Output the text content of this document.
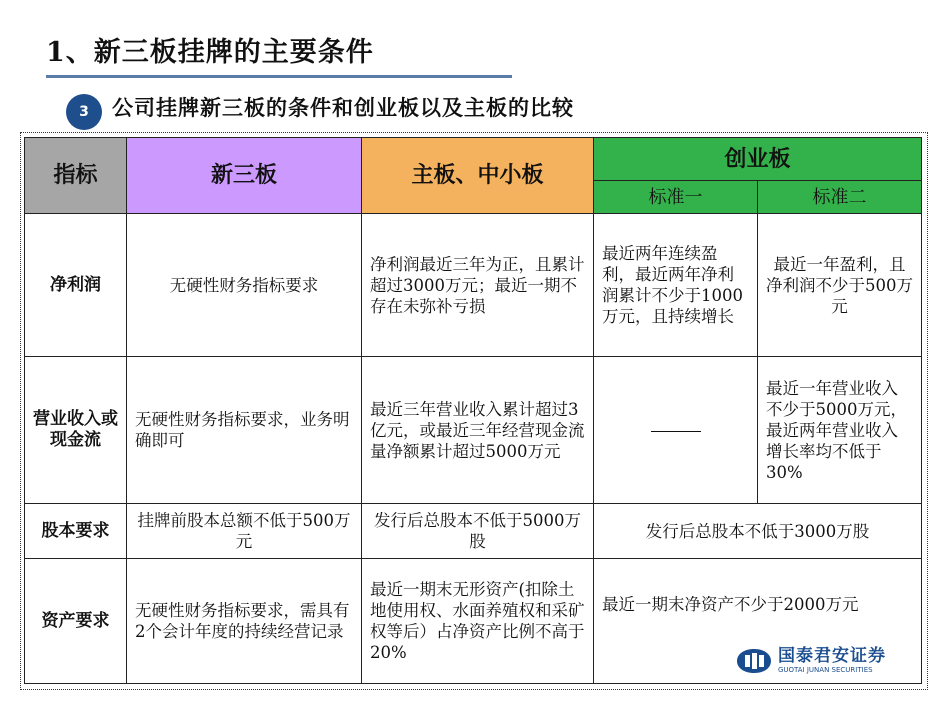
1、新三板挂牌的主要条件
3	公司挂牌新三板的条件和创业板以及主板的比较
指标	新三板	主板、中小板	创业板	
			标准一	标准二
净利润	无硬性财务指标要求	净利润最近三年为正，且累计超过3000万元；最近一期不存在未弥补亏损	最近两年连续盈利，最近两年净利润累计不少于1000万元，且持续增长	最近一年盈利，且净利润不少于500万元
营业收入或现金流	无硬性财务指标要求，业务明确即可	最近三年营业收入累计超过3亿元，或最近三年经营现金流量净额累计超过5000万元		最近一年营业收入不少于5000万元，最近两年营业收入增长率均不低于30%
股本要求	挂牌前股本总额不低于500万元	发行后总股本不低于5000万股	发行后总股本不低于3000万股	
资产要求	无硬性财务指标要求，需具有2个会计年度的持续经营记录	最近一期末无形资产(扣除土地使用权、水面养殖权和采矿权等后）占净资产比例不高于20%	最近一期末净资产不少于2000万元	
国泰君安证券
GUOTAI JUNAN SECURITIES
